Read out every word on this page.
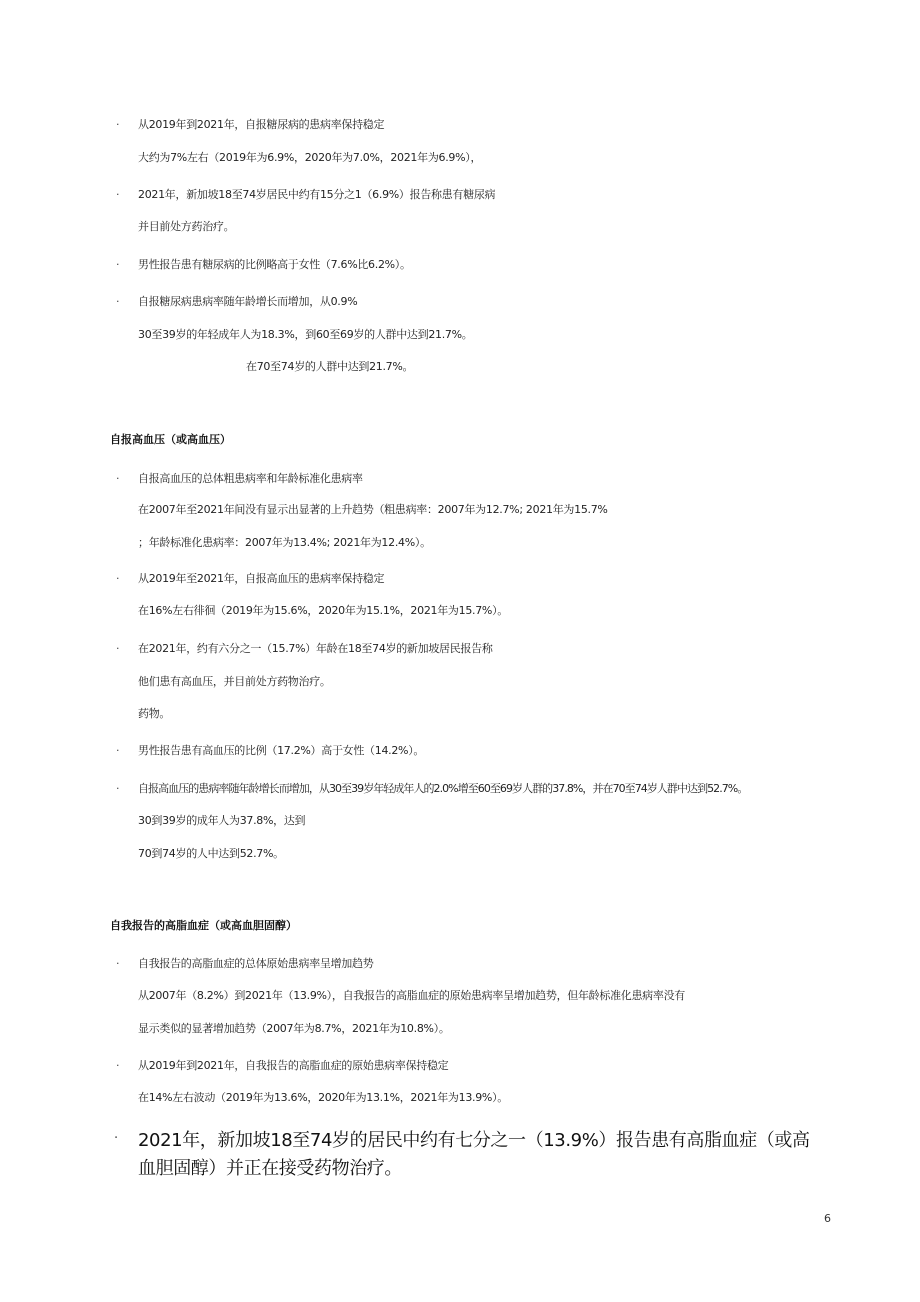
· 从2019年到2021年，自报糖尿病的患病率保持稳定
大约为7%左右（2019年为6.9%，2020年为7.0%，2021年为6.9%），
· 2021年，新加坡18至74岁居民中约有15分之1（6.9%）报告称患有糖尿病
并目前处方药治疗。
· 男性报告患有糖尿病的比例略高于女性（7.6%比6.2%）。
· 自报糖尿病患病率随年龄增长而增加，从0.9%
30至39岁的年轻成年人为18.3%，到60至69岁的人群中达到21.7%。
在70至74岁的人群中达到21.7%。
自报高血压（或高血压）
· 自报高血压的总体粗患病率和年龄标准化患病率
在2007年至2021年间没有显示出显著的上升趋势（粗患病率：2007年为12.7%; 2021年为15.7%
；年龄标准化患病率：2007年为13.4%; 2021年为12.4%）。
· 从2019年至2021年，自报高血压的患病率保持稳定
在16%左右徘徊（2019年为15.6%，2020年为15.1%，2021年为15.7%）。
· 在2021年，约有六分之一（15.7%）年龄在18至74岁的新加坡居民报告称
他们患有高血压，并目前处方药物治疗。
药物。
· 男性报告患有高血压的比例（17.2%）高于女性（14.2%）。
· 自报高血压的患病率随年龄增长而增加，从30至39岁年轻成年人的2.0%增至60至69岁人群的37.8%，并在70至74岁人群中达到52.7%。
30到39岁的成年人为37.8%，达到
70到74岁的人中达到52.7%。
自我报告的高脂血症（或高血胆固醇）
· 自我报告的高脂血症的总体原始患病率呈增加趋势
从2007年（8.2%）到2021年（13.9%），自我报告的高脂血症的原始患病率呈增加趋势，但年龄标准化患病率没有
显示类似的显著增加趋势（2007年为8.7%，2021年为10.8%）。
· 从2019年到2021年，自我报告的高脂血症的原始患病率保持稳定
在14%左右波动（2019年为13.6%，2020年为13.1%，2021年为13.9%）。
· 2021年，新加坡18至74岁的居民中约有七分之一（13.9%）报告患有高脂血症（或高
血胆固醇）并正在接受药物治疗。
6
